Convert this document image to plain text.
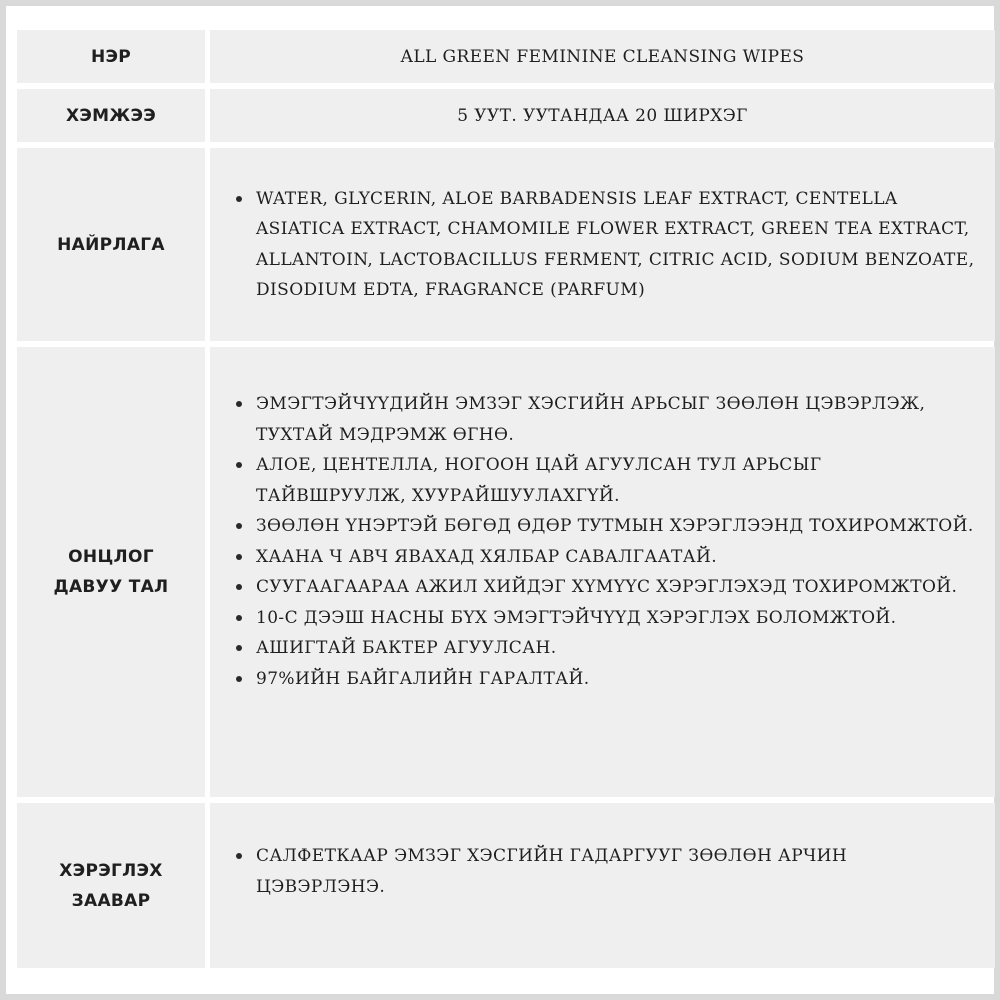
НЭР	ALL GREEN FEMININE CLEANSING WIPES
ХЭМЖЭЭ	5 УУТ. УУТАНДАА 20 ШИРХЭГ
НАЙРЛАГА
WATER, GLYCERIN, ALOE BARBADENSIS LEAF EXTRACT, CENTELLA ASIATICA EXTRACT, CHAMOMILE FLOWER EXTRACT, GREEN TEA EXTRACT, ALLANTOIN, LACTOBACILLUS FERMENT, CITRIC ACID, SODIUM BENZOATE, DISODIUM EDTA, FRAGRANCE (PARFUM)
ОНЦЛОГ ДАВУУ ТАЛ
ЭМЭГТЭЙЧҮҮДИЙН ЭМЗЭГ ХЭСГИЙН АРЬСЫГ ЗӨӨЛӨН ЦЭВЭРЛЭЖ, ТУХТАЙ МЭДРЭМЖ ӨГНӨ.
АЛОЕ, ЦЕНТЕЛЛА, НОГООН ЦАЙ АГУУЛСАН ТУЛ АРЬСЫГ ТАЙВШРУУЛЖ, ХУУРАЙШУУЛАХГҮЙ.
ЗӨӨЛӨН ҮНЭРТЭЙ БӨГӨД ӨДӨР ТУТМЫН ХЭРЭГЛЭЭНД ТОХИРОМЖТОЙ.
ХААНА Ч АВЧ ЯВАХАД ХЯЛБАР САВАЛГААТАЙ.
СУУГААГААРАА АЖИЛ ХИЙДЭГ ХҮМҮҮС ХЭРЭГЛЭХЭД ТОХИРОМЖТОЙ.
10-С ДЭЭШ НАСНЫ БҮХ ЭМЭГТЭЙЧҮҮД ХЭРЭГЛЭХ БОЛОМЖТОЙ.
АШИГТАЙ БАКТЕР АГУУЛСАН.
97%ИЙН БАЙГАЛИЙН ГАРАЛТАЙ.
ХЭРЭГЛЭХ ЗААВАР
САЛФЕТКААР ЭМЗЭГ ХЭСГИЙН ГАДАРГУУГ ЗӨӨЛӨН АРЧИН ЦЭВЭРЛЭНЭ.
